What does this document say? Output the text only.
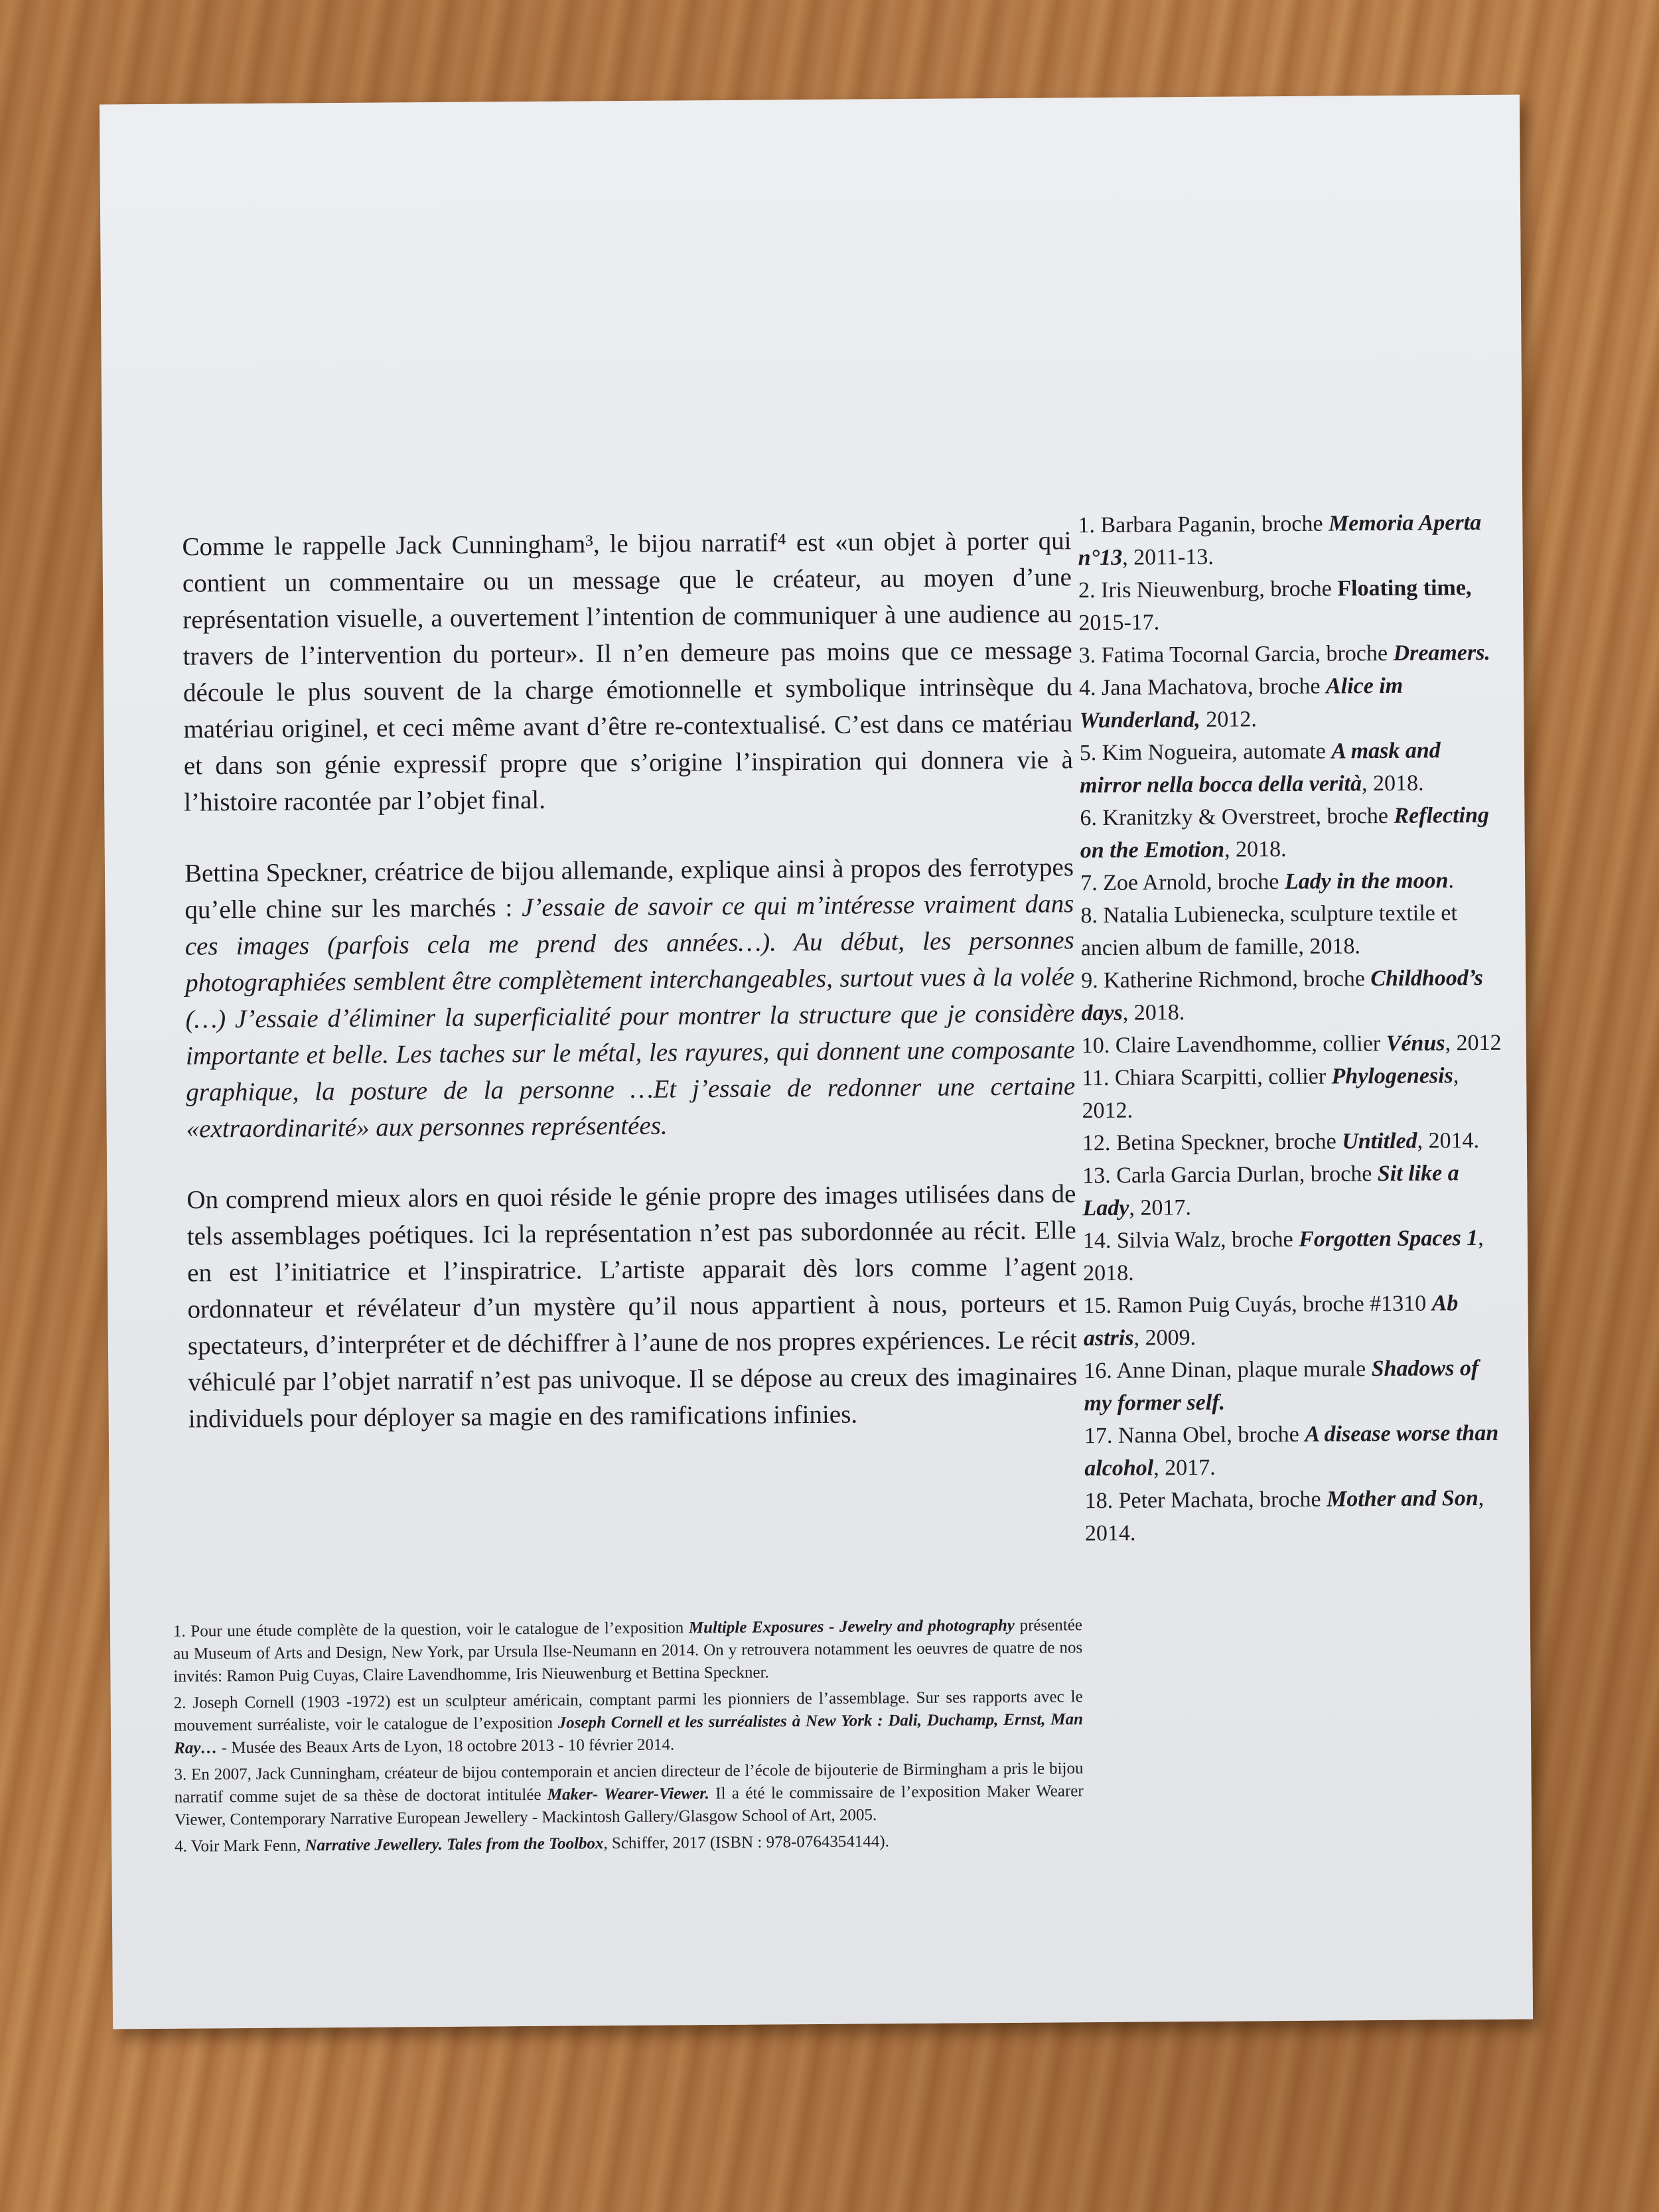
Comme le rappelle Jack Cunningham³, le bijou narratif⁴ est «un objet à porter qui contient un commentaire ou un message que le créateur, au moyen d’une représentation visuelle, a ouvertement l’intention de communiquer à une audience au travers de l’intervention du porteur». Il n’en demeure pas moins que ce message découle le plus souvent de la charge émotionnelle et symbolique intrinsèque du matériau originel, et ceci même avant d’être re-contextualisé. C’est dans ce matériau et dans son génie expressif propre que s’origine l’inspiration qui donnera vie à l’histoire racontée par l’objet final.

Bettina Speckner, créatrice de bijou allemande, explique ainsi à propos des ferrotypes qu’elle chine sur les marchés : J’essaie de savoir ce qui m’intéresse vraiment dans ces images (parfois cela me prend des années…). Au début, les personnes photographiées semblent être complètement interchangeables, surtout vues à la volée (…) J’essaie d’éliminer la superficialité pour montrer la structure que je considère importante et belle. Les taches sur le métal, les rayures, qui donnent une composante graphique, la posture de la personne …Et j’essaie de redonner une certaine «extraordinarité» aux personnes représentées.

On comprend mieux alors en quoi réside le génie propre des images utilisées dans de tels assemblages poétiques. Ici la représentation n’est pas subordonnée au récit. Elle en est l’initiatrice et l’inspiratrice. L’artiste apparait dès lors comme l’agent ordonnateur et révélateur d’un mystère qu’il nous appartient à nous, porteurs et spectateurs, d’interpréter et de déchiffrer à l’aune de nos propres expériences. Le récit véhiculé par l’objet narratif n’est pas univoque. Il se dépose au creux des imaginaires individuels pour déployer sa magie en des ramifications infinies.

1. Pour une étude complète de la question, voir le catalogue de l’exposition Multiple Exposures - Jewelry and photography présentée au Museum of Arts and Design, New York, par Ursula Ilse-Neumann en 2014. On y retrouvera notamment les oeuvres de quatre de nos invités: Ramon Puig Cuyas, Claire Lavendhomme, Iris Nieuwenburg et Bettina Speckner.

2. Joseph Cornell (1903 -1972) est un sculpteur américain, comptant parmi les pionniers de l’assemblage. Sur ses rapports avec le mouvement surréaliste, voir le catalogue de l’exposition Joseph Cornell et les surréalistes à New York : Dali, Duchamp, Ernst, Man Ray… - Musée des Beaux Arts de Lyon, 18 octobre 2013 - 10 février 2014.

3. En 2007, Jack Cunningham, créateur de bijou contemporain et ancien directeur de l’école de bijouterie de Birmingham a pris le bijou narratif comme sujet de sa thèse de doctorat intitulée Maker- Wearer-Viewer. Il a été le commissaire de l’exposition Maker Wearer Viewer, Contemporary Narrative European Jewellery - Mackintosh Gallery/Glasgow School of Art, 2005.

4. Voir Mark Fenn, Narrative Jewellery. Tales from the Toolbox, Schiffer, 2017 (ISBN : 978-0764354144).

1. Barbara Paganin, broche Memoria Aperta n°13, 2011-13.

2. Iris Nieuwenburg, broche Floating time, 2015-17.

3. Fatima Tocornal Garcia, broche Dreamers.

4. Jana Machatova, broche Alice im Wunderland, 2012.

5. Kim Nogueira, automate A mask and mirror nella bocca della verità, 2018.

6. Kranitzky & Overstreet, broche Reflecting on the Emotion, 2018.

7. Zoe Arnold, broche Lady in the moon.

8. Natalia Lubienecka, sculpture textile et ancien album de famille, 2018.

9. Katherine Richmond, broche Childhood’s days, 2018.

10. Claire Lavendhomme, collier Vénus, 2012

11. Chiara Scarpitti, collier Phylogenesis, 2012.

12. Betina Speckner, broche Untitled, 2014.

13. Carla Garcia Durlan, broche Sit like a Lady, 2017.

14. Silvia Walz, broche Forgotten Spaces 1, 2018.

15. Ramon Puig Cuyás, broche #1310 Ab astris, 2009.

16. Anne Dinan, plaque murale Shadows of my former self.

17. Nanna Obel, broche A disease worse than alcohol, 2017.

18. Peter Machata, broche Mother and Son, 2014.
